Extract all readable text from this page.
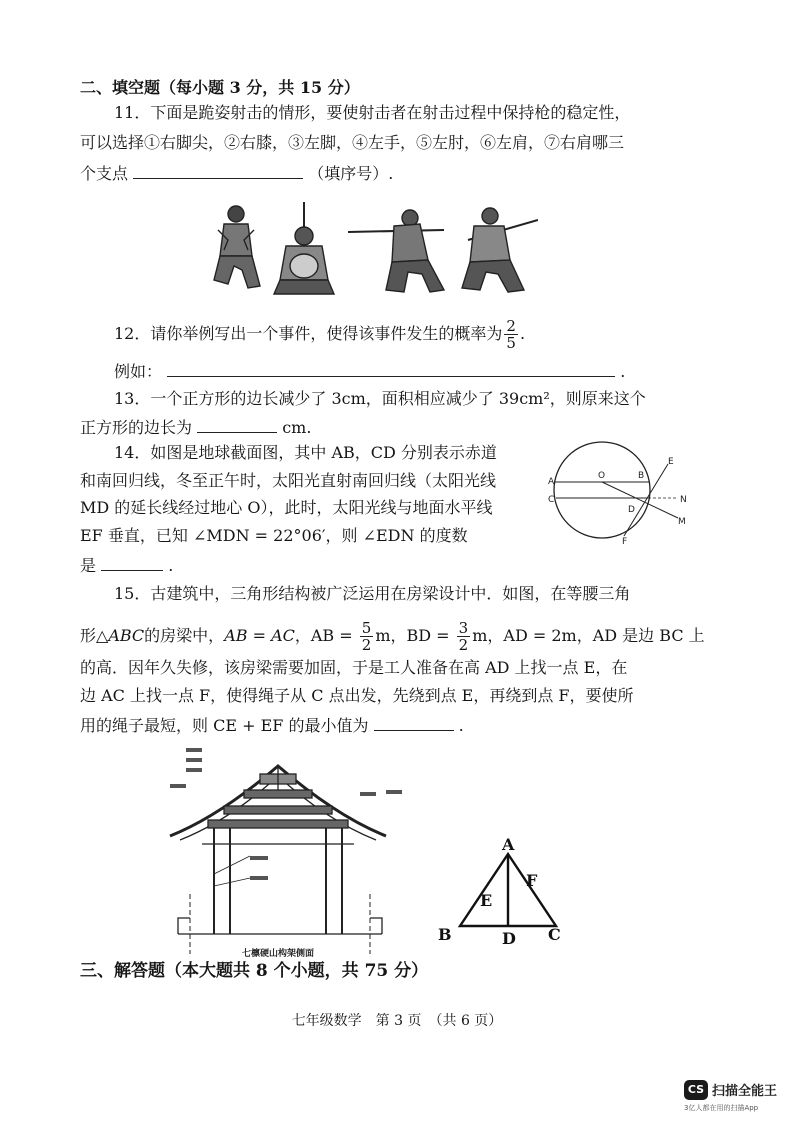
二、填空题（每小题 3 分，共 15 分）
11．下面是跪姿射击的情形，要使射击者在射击过程中保持枪的稳定性，
可以选择①右脚尖，②右膝，③左脚，④左手，⑤左肘，⑥左肩，⑦右肩哪三
个支点	（填序号）.
12．请你举例写出一个事件，使得该事件发生的概率为 $\frac{2}{5}$ .
例如：	.
13．一个正方形的边长减少了 3cm，面积相应减少了 39cm²，则原来这个
正方形的边长为	cm.
14．如图是地球截面图，其中 AB，CD 分别表示赤道
和南回归线，冬至正午时，太阳光直射南回归线（太阳光线
MD 的延长线经过地心 O），此时，太阳光线与地面水平线
EF 垂直，已知 ∠MDN = 22°06′，则 ∠EDN 的度数
是	.
A
C
O	B
D
E
N
M
F
15．古建筑中，三角形结构被广泛运用在房梁设计中．如图，在等腰三角
形△ABC的房梁中，AB = AC，AB = $\frac{5}{2}$ m，BD = $\frac{3}{2}$ m，AD = 2m，AD 是边 BC 上
的高．因年久失修，该房梁需要加固，于是工人准备在高 AD 上找一点 E，在
边 AC 上找一点 F，使得绳子从 C 点出发，先绕到点 E，再绕到点 F，要使所
用的绳子最短，则 CE + EF 的最小值为	.
七檩硬山构架侧面
A
B	C
D
E
F
三、解答题（本大题共 8 个小题，共 75 分）
七年级数学　第 3 页　（共 6 页）
CS 扫描全能王
3亿人都在用的扫描App
